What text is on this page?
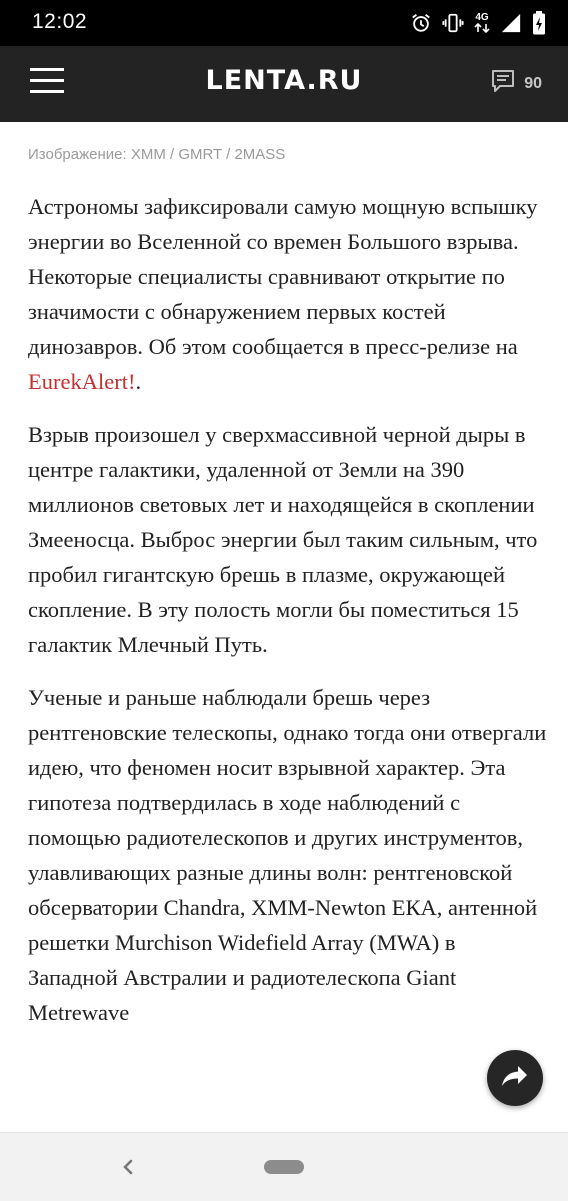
12:02	4G
LENTA.RU	90
Изображение: XMM / GMRT / 2MASS

Астрономы зафиксировали самую мощную вспышку энергии во Вселенной со времен Большого взрыва. Некоторые специалисты сравнивают открытие по значимости с обнаружением первых костей динозавров. Об этом сообщается в пресс-релизе на EurekAlert!.

Взрыв произошел у сверхмассивной черной дыры в центре галактики, удаленной от Земли на 390 миллионов световых лет и находящейся в скоплении Змееносца. Выброс энергии был таким сильным, что пробил гигантскую брешь в плазме, окружающей скопление. В эту полость могли бы поместиться 15 галактик Млечный Путь.

Ученые и раньше наблюдали брешь через рентгеновские телескопы, однако тогда они отвергали идею, что феномен носит взрывной характер. Эта гипотеза подтвердилась в ходе наблюдений с помощью радиотелескопов и других инструментов, улавливающих разные длины волн: рентгеновской обсерватории Chandra, XMM-Newton ЕКА, антенной решетки Murchison Widefield Array (MWA) в Западной Австралии и радиотелескопа Giant Metrewave
